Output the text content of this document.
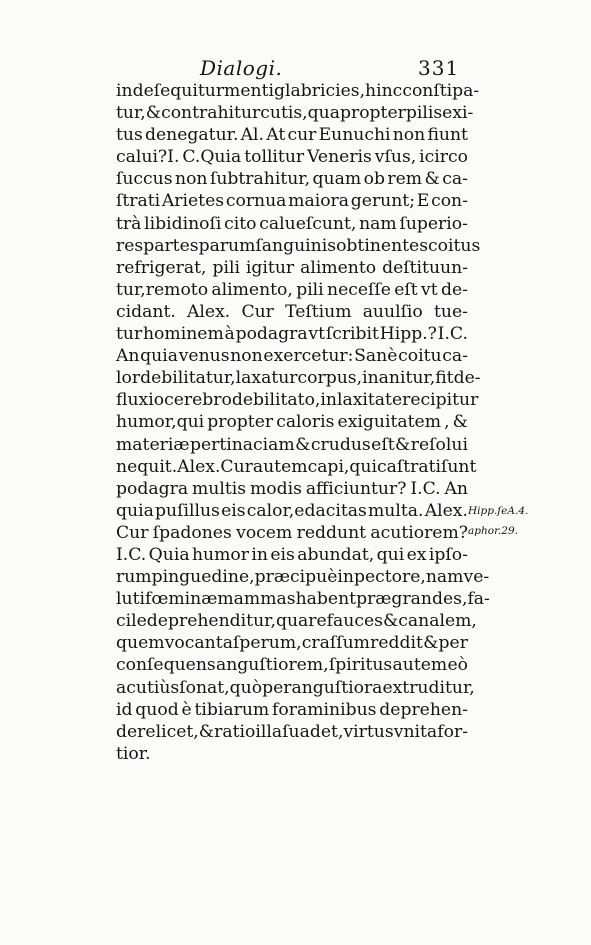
Dialogi.	331
inde ſequitur menti glabricies,hinc conſtipa-
tur,& contrahitur cutis, quapropter pilis exi-
tus denegatur. Al. At cur Eunuchi non fiunt
calui?I. C.Quia tollitur Veneris vſus, icirco
ſuccus non ſubtrahitur, quam ob rem & ca-
ſtrati Arietes cornua maiora gerunt; E con-
trà libidinoſi cito calueſcunt, nam ſuperio-
res partes parum ſanguinis obtinentes coitus
refrigerat, pili igitur alimento deſtituun-
tur,remoto alimento, pili neceſſe eſt vt de-
cidant. Alex. Cur Teſtium auulſio tue-
tur hominem à podagra vt ſcribit Hipp.? I.C.
An quia venus non exercetur: Sanè coitu ca-
lor debilitatur,laxatur corpus,inanitur,fit de-
fluxio cerebro debilitato, in laxitate recipitur
humor,qui propter caloris exiguitatem , &
materiæ pertinaciam & crudus eſt & reſolui
nequit.Alex.Cur autem capi,qui caſtrati ſunt
podagra multis modis afficiuntur? I.C. An
quia puſillus eis calor,edacitas multa. Alex.
Cur ſpadones vocem reddunt acutiorem?
I.C. Quia humor in eis abundat, qui ex ipſo-
rum pinguedine, præcipuè in pectore,nam ve-
luti fœminæ mammas habent prægrandes, fa-
cile deprehenditur, quare fauces & canalem,
quem vocant aſperum, craſſum reddit & per
conſequens anguſtiorem, ſpiritus autem eò
acutiùs ſonat,quò per anguſtiora extruditur,
id quod è tibiarum foraminibus deprehen-
dere licet,& ratio illa ſuadet, virtus vnita for-
tior.
Hipp.ſeA.4.
aphor.29.
